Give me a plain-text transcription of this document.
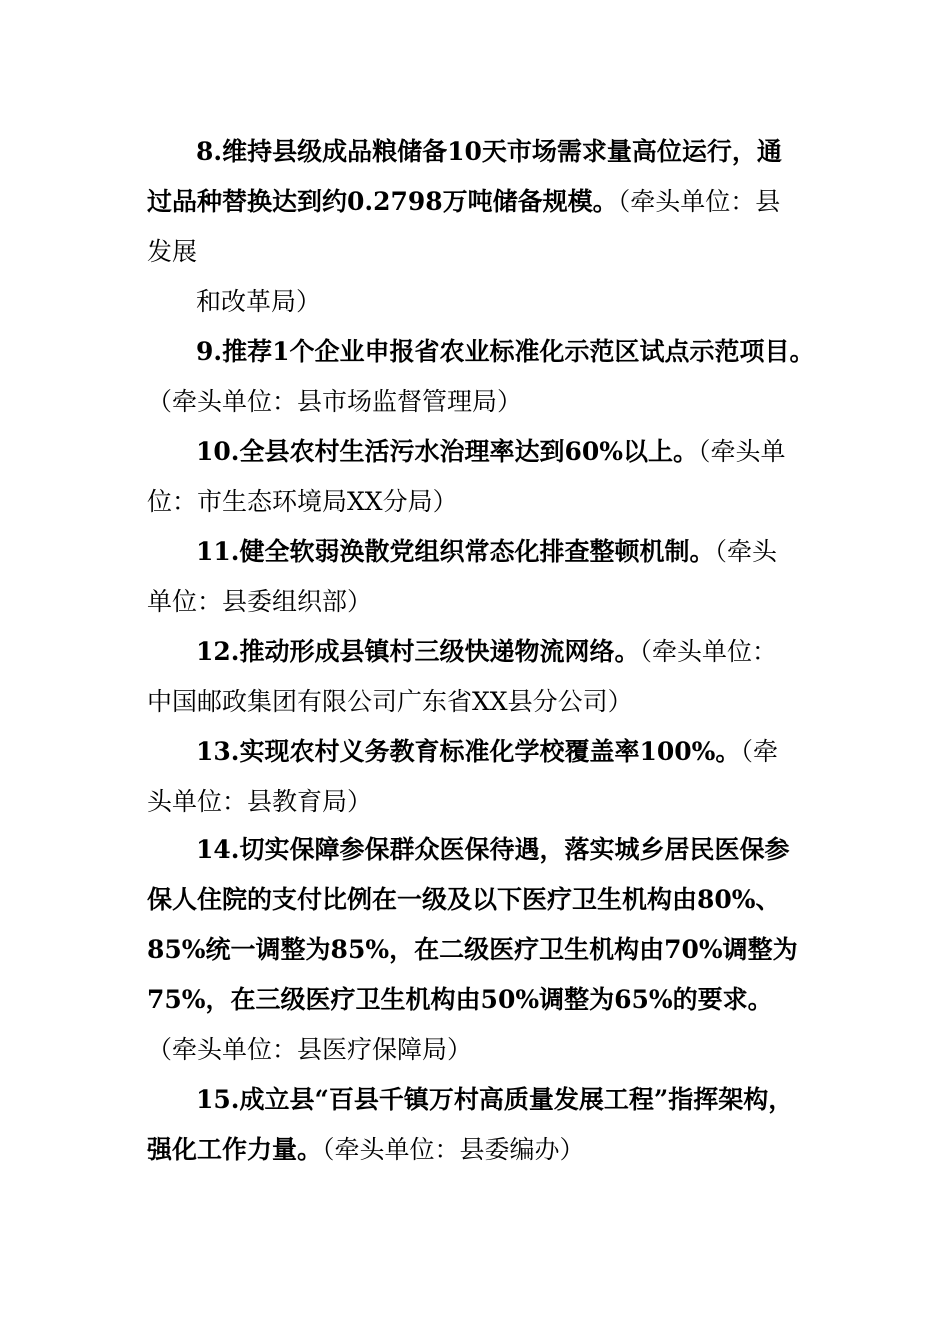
8.维持县级成品粮储备10天市场需求量高位运行，通
过品种替换达到约0.2798万吨储备规模。（牵头单位：县
发展
和改革局）
9.推荐1个企业申报省农业标准化示范区试点示范项目。
（牵头单位：县市场监督管理局）
10.全县农村生活污水治理率达到60%以上。（牵头单
位：市生态环境局XX分局）
11.健全软弱涣散党组织常态化排查整顿机制。（牵头
单位：县委组织部）
12.推动形成县镇村三级快递物流网络。（牵头单位：
中国邮政集团有限公司广东省XX县分公司）
13.实现农村义务教育标准化学校覆盖率100%。（牵
头单位：县教育局）
14.切实保障参保群众医保待遇，落实城乡居民医保参
保人住院的支付比例在一级及以下医疗卫生机构由80%、
85%统一调整为85%，在二级医疗卫生机构由70%调整为
75%，在三级医疗卫生机构由50%调整为65%的要求。
（牵头单位：县医疗保障局）
15.成立县“百县千镇万村高质量发展工程”指挥架构，
强化工作力量。（牵头单位：县委编办）
